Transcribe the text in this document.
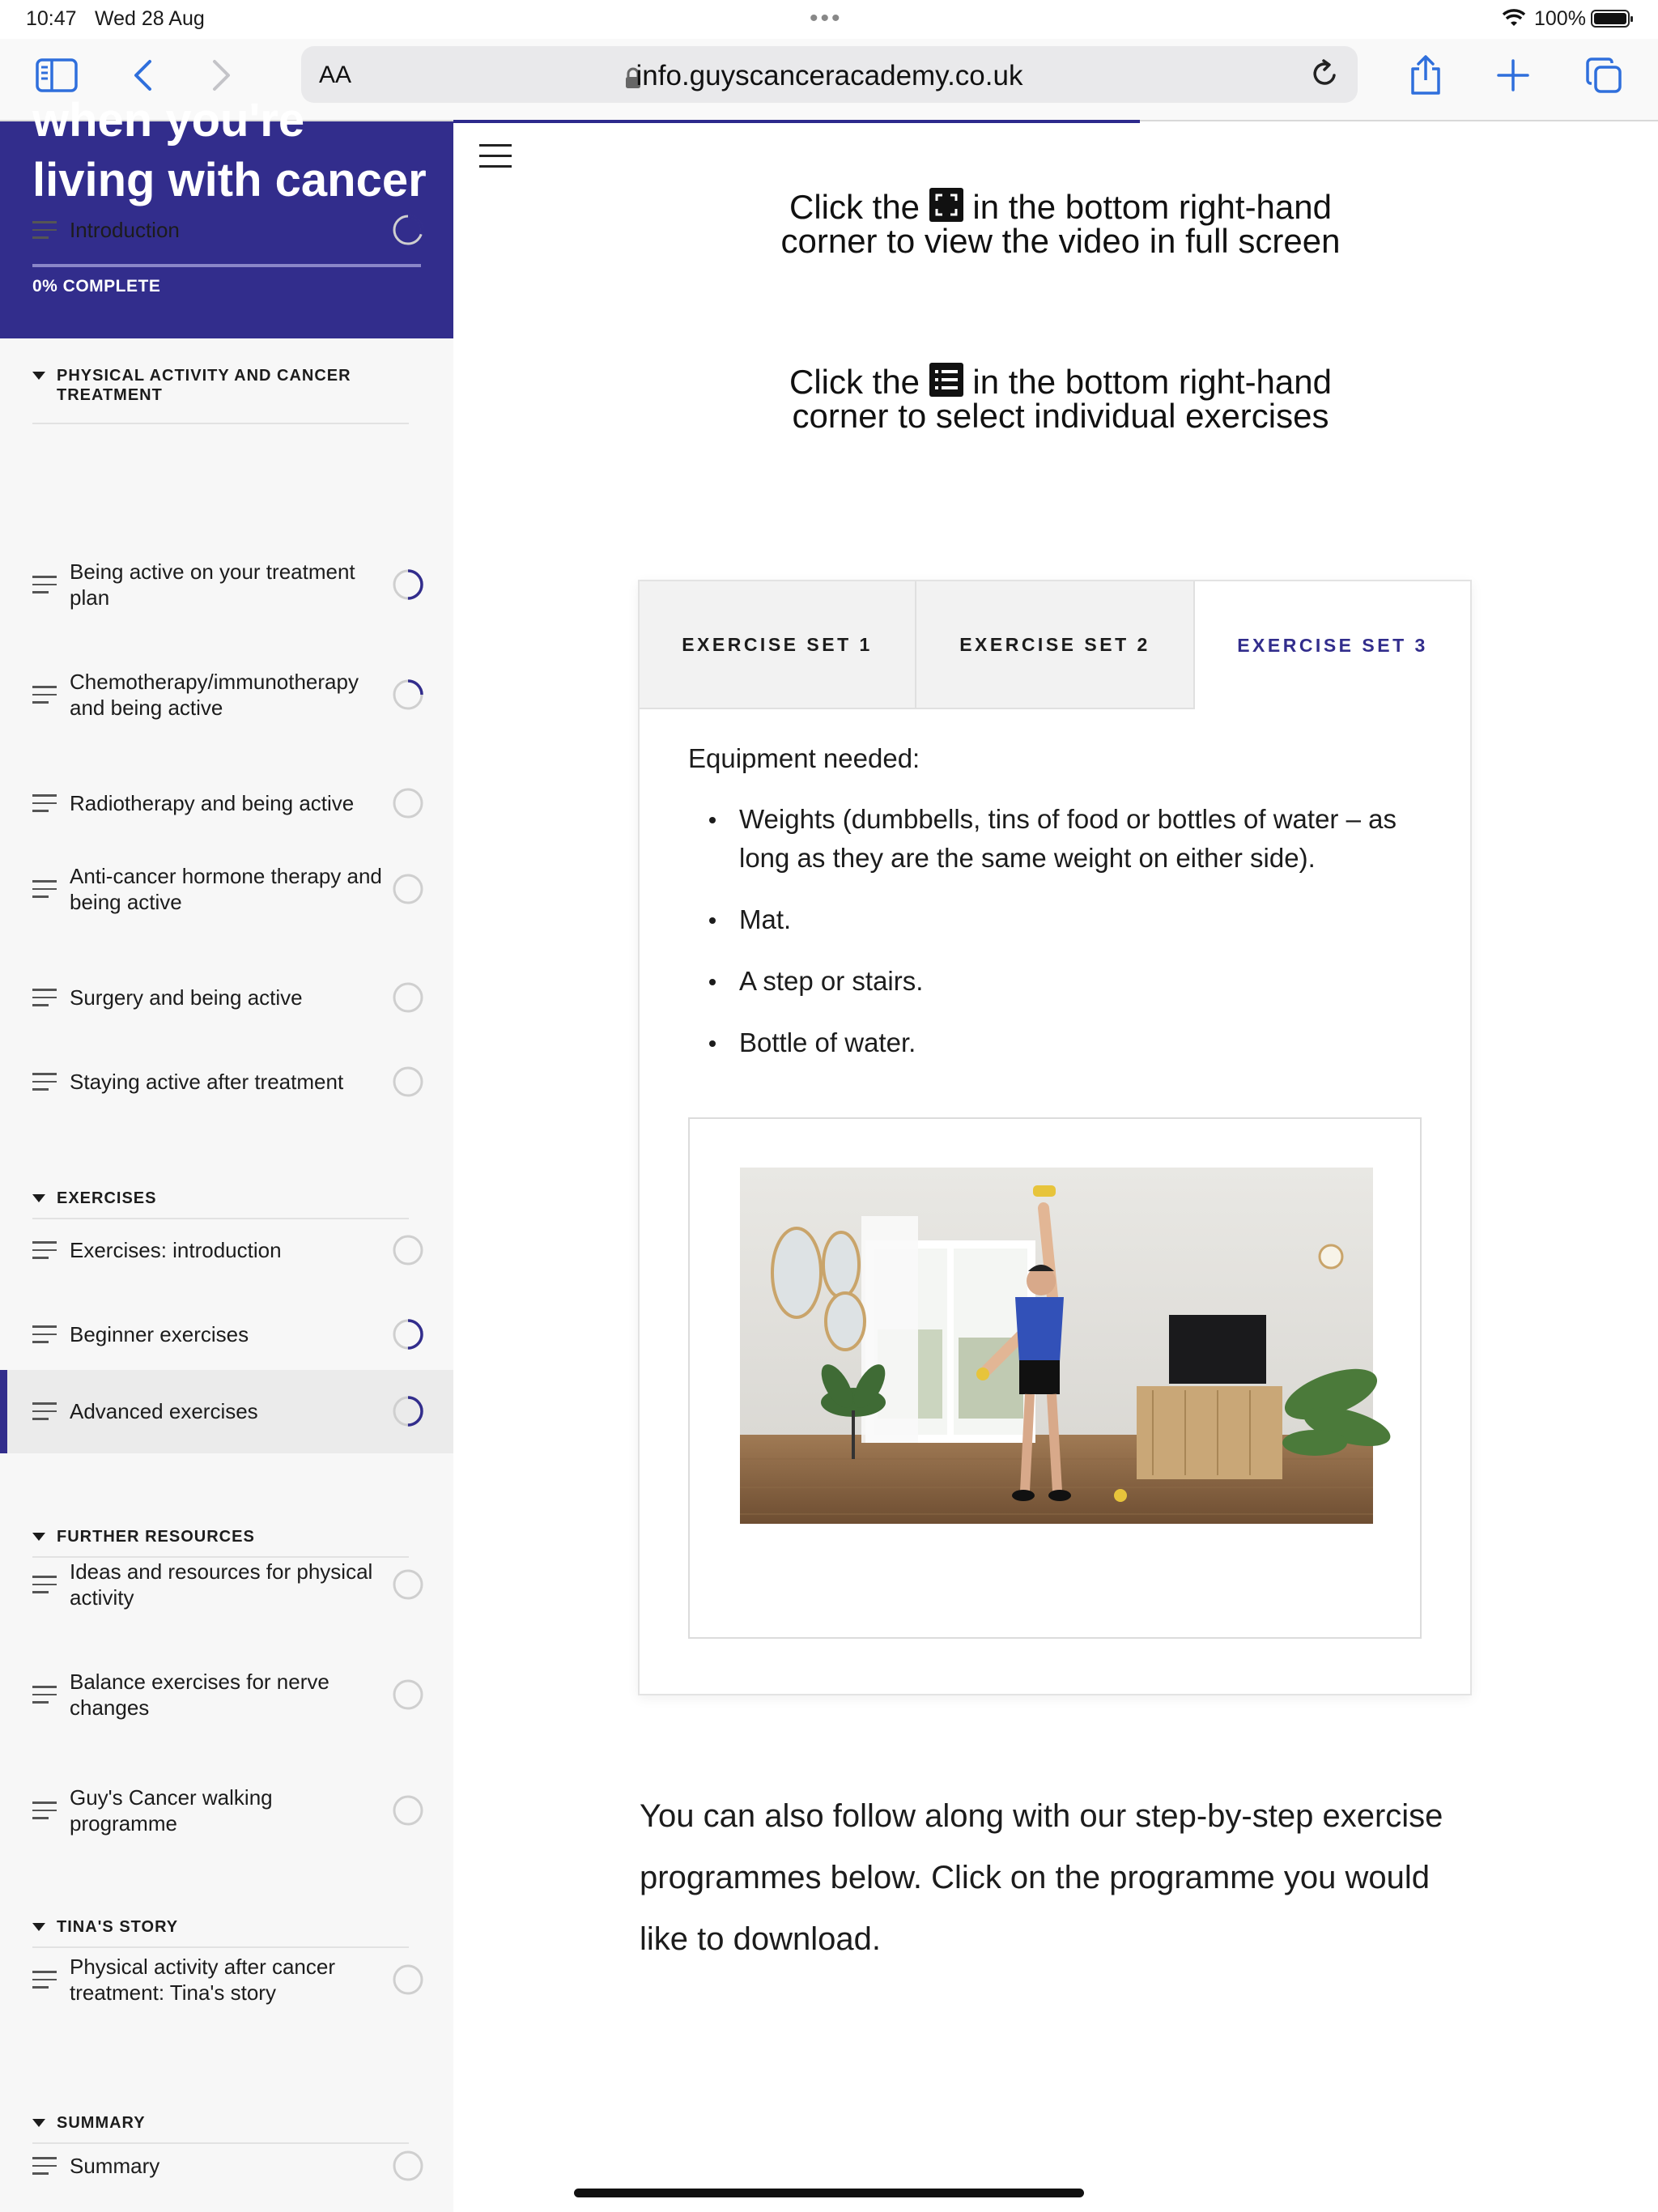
10:47 Wed 28 Aug	•••	100%
AA	info.guyscanceracademy.co.uk
when you're living with cancer
0% COMPLETE
Introduction
PHYSICAL ACTIVITY AND CANCER TREATMENT
Being active on your treatment plan
Chemotherapy/immunotherapy and being active
Radiotherapy and being active
Anti-cancer hormone therapy and being active
Surgery and being active
Staying active after treatment
EXERCISES
Exercises: introduction
Beginner exercises
Advanced exercises
FURTHER RESOURCES
Ideas and resources for physical activity
Balance exercises for nerve changes
Guy's Cancer walking programme
TINA'S STORY
Physical activity after cancer treatment: Tina's story
SUMMARY
Summary
Click the in the bottom right-hand corner to view the video in full screen
Click the in the bottom right-hand corner to select individual exercises
EXERCISE SET 1	EXERCISE SET 2	EXERCISE SET 3
Equipment needed:
Weights (dumbbells, tins of food or bottles of water – as long as they are the same weight on either side).
Mat.
A step or stairs.
Bottle of water.
You can also follow along with our step-by-step exercise programmes below. Click on the programme you would like to download.
